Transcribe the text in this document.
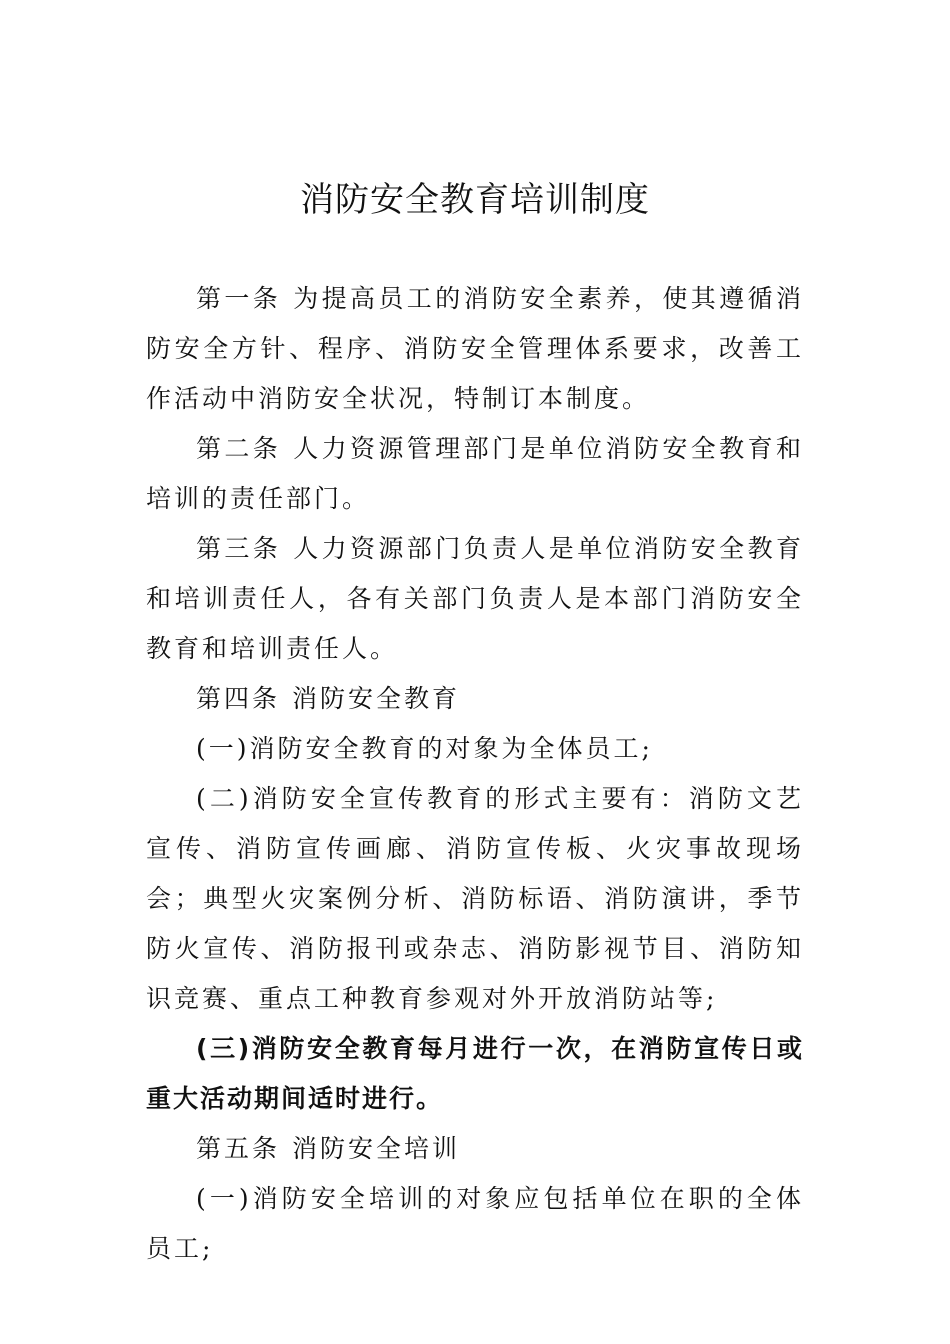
消防安全教育培训制度

第一条 为提高员工的消防安全素养，使其遵循消防安全方针、程序、消防安全管理体系要求，改善工作活动中消防安全状况，特制订本制度。

第二条 人力资源管理部门是单位消防安全教育和培训的责任部门。

第三条 人力资源部门负责人是单位消防安全教育和培训责任人，各有关部门负责人是本部门消防安全教育和培训责任人。

第四条 消防安全教育

(一)消防安全教育的对象为全体员工;

(二)消防安全宣传教育的形式主要有：消防文艺宣传、消防宣传画廊、消防宣传板、火灾事故现场会；典型火灾案例分析、消防标语、消防演讲，季节防火宣传、消防报刊或杂志、消防影视节目、消防知识竞赛、重点工种教育参观对外开放消防站等;

(三)消防安全教育每月进行一次，在消防宣传日或重大活动期间适时进行。

第五条 消防安全培训

(一)消防安全培训的对象应包括单位在职的全体员工;
